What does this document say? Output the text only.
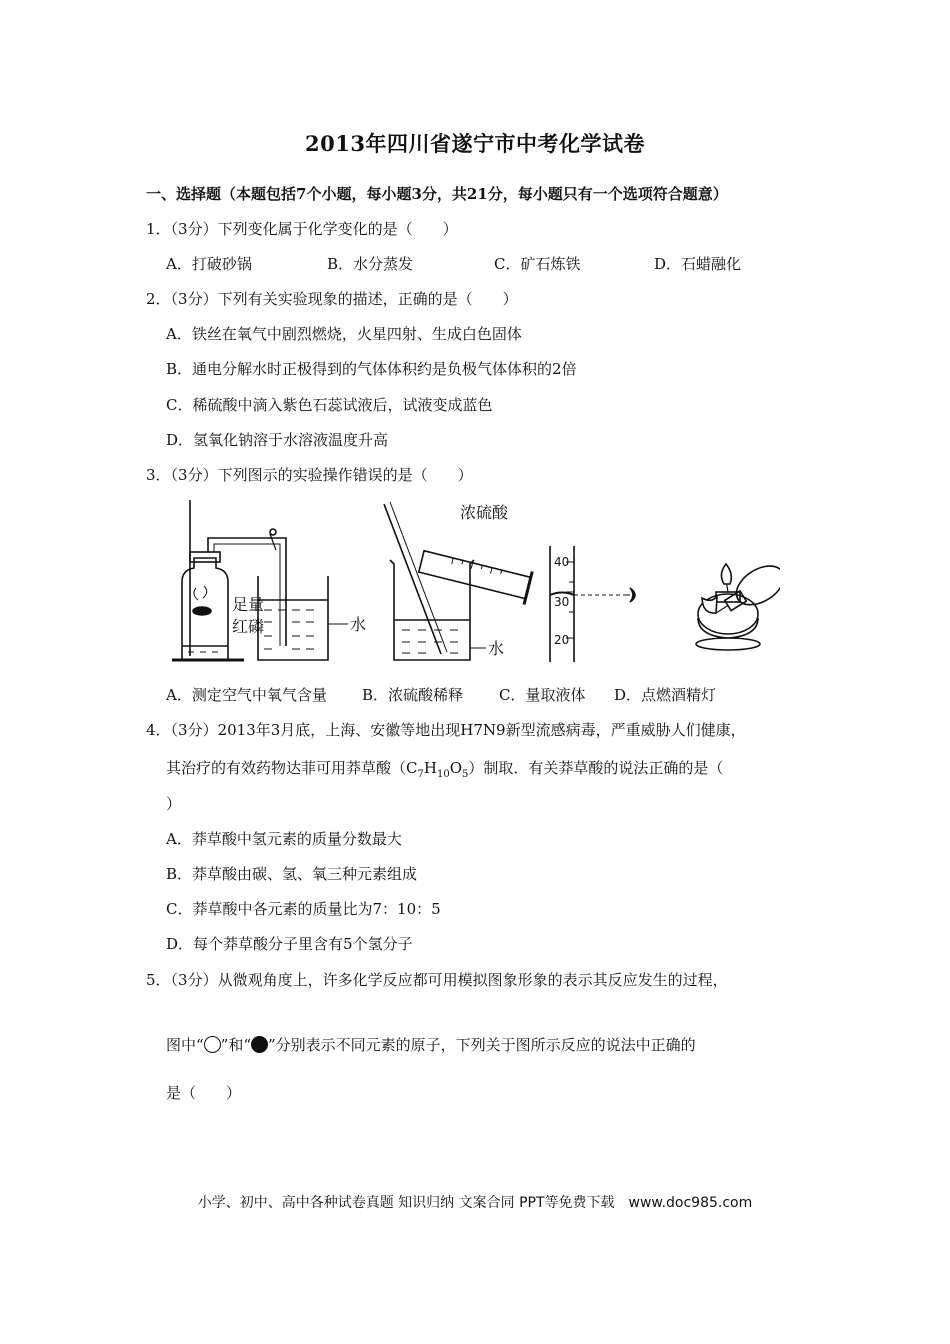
2013年四川省遂宁市中考化学试卷
一、选择题（本题包括7个小题，每小题3分，共21分，每小题只有一个选项符合题意）
1．（3分）下列变化属于化学变化的是（　　）
A．打破砂锅	B．水分蒸发	C．矿石炼铁	D．石蜡融化
2．（3分）下列有关实验现象的描述，正确的是（　　）
A．铁丝在氧气中剧烈燃烧，火星四射、生成白色固体
B．通电分解水时正极得到的气体体积约是负极气体体积的2倍
C．稀硫酸中滴入紫色石蕊试液后，试液变成蓝色
D．氢氧化钠溶于水溶液温度升高
3．（3分）下列图示的实验操作错误的是（　　）
足量
红磷	水
浓硫酸
水
40
30
20
A．测定空气中氧气含量 B．浓硫酸稀释 C．量取液体 D．点燃酒精灯
4．（3分）2013年3月底，上海、安徽等地出现H7N9新型流感病毒，严重威胁人们健康，
其治疗的有效药物达菲可用莽草酸$(C_7H_{10}O_5)$制取．有关莽草酸的说法正确的是（
）
A．莽草酸中氢元素的质量分数最大
B．莽草酸由碳、氢、氧三种元素组成
C．莽草酸中各元素的质量比为7：10：5
D．每个莽草酸分子里含有5个氢分子
5．（3分）从微观角度上，许多化学反应都可用模拟图象形象的表示其反应发生的过程，
图中“ ”和“ ”分别表示不同元素的原子，下列关于图所示反应的说法中正确的
是（　　）
小学、初中、高中各种试卷真题 知识归纳 文案合同 PPT等免费下载　www.doc985.com
